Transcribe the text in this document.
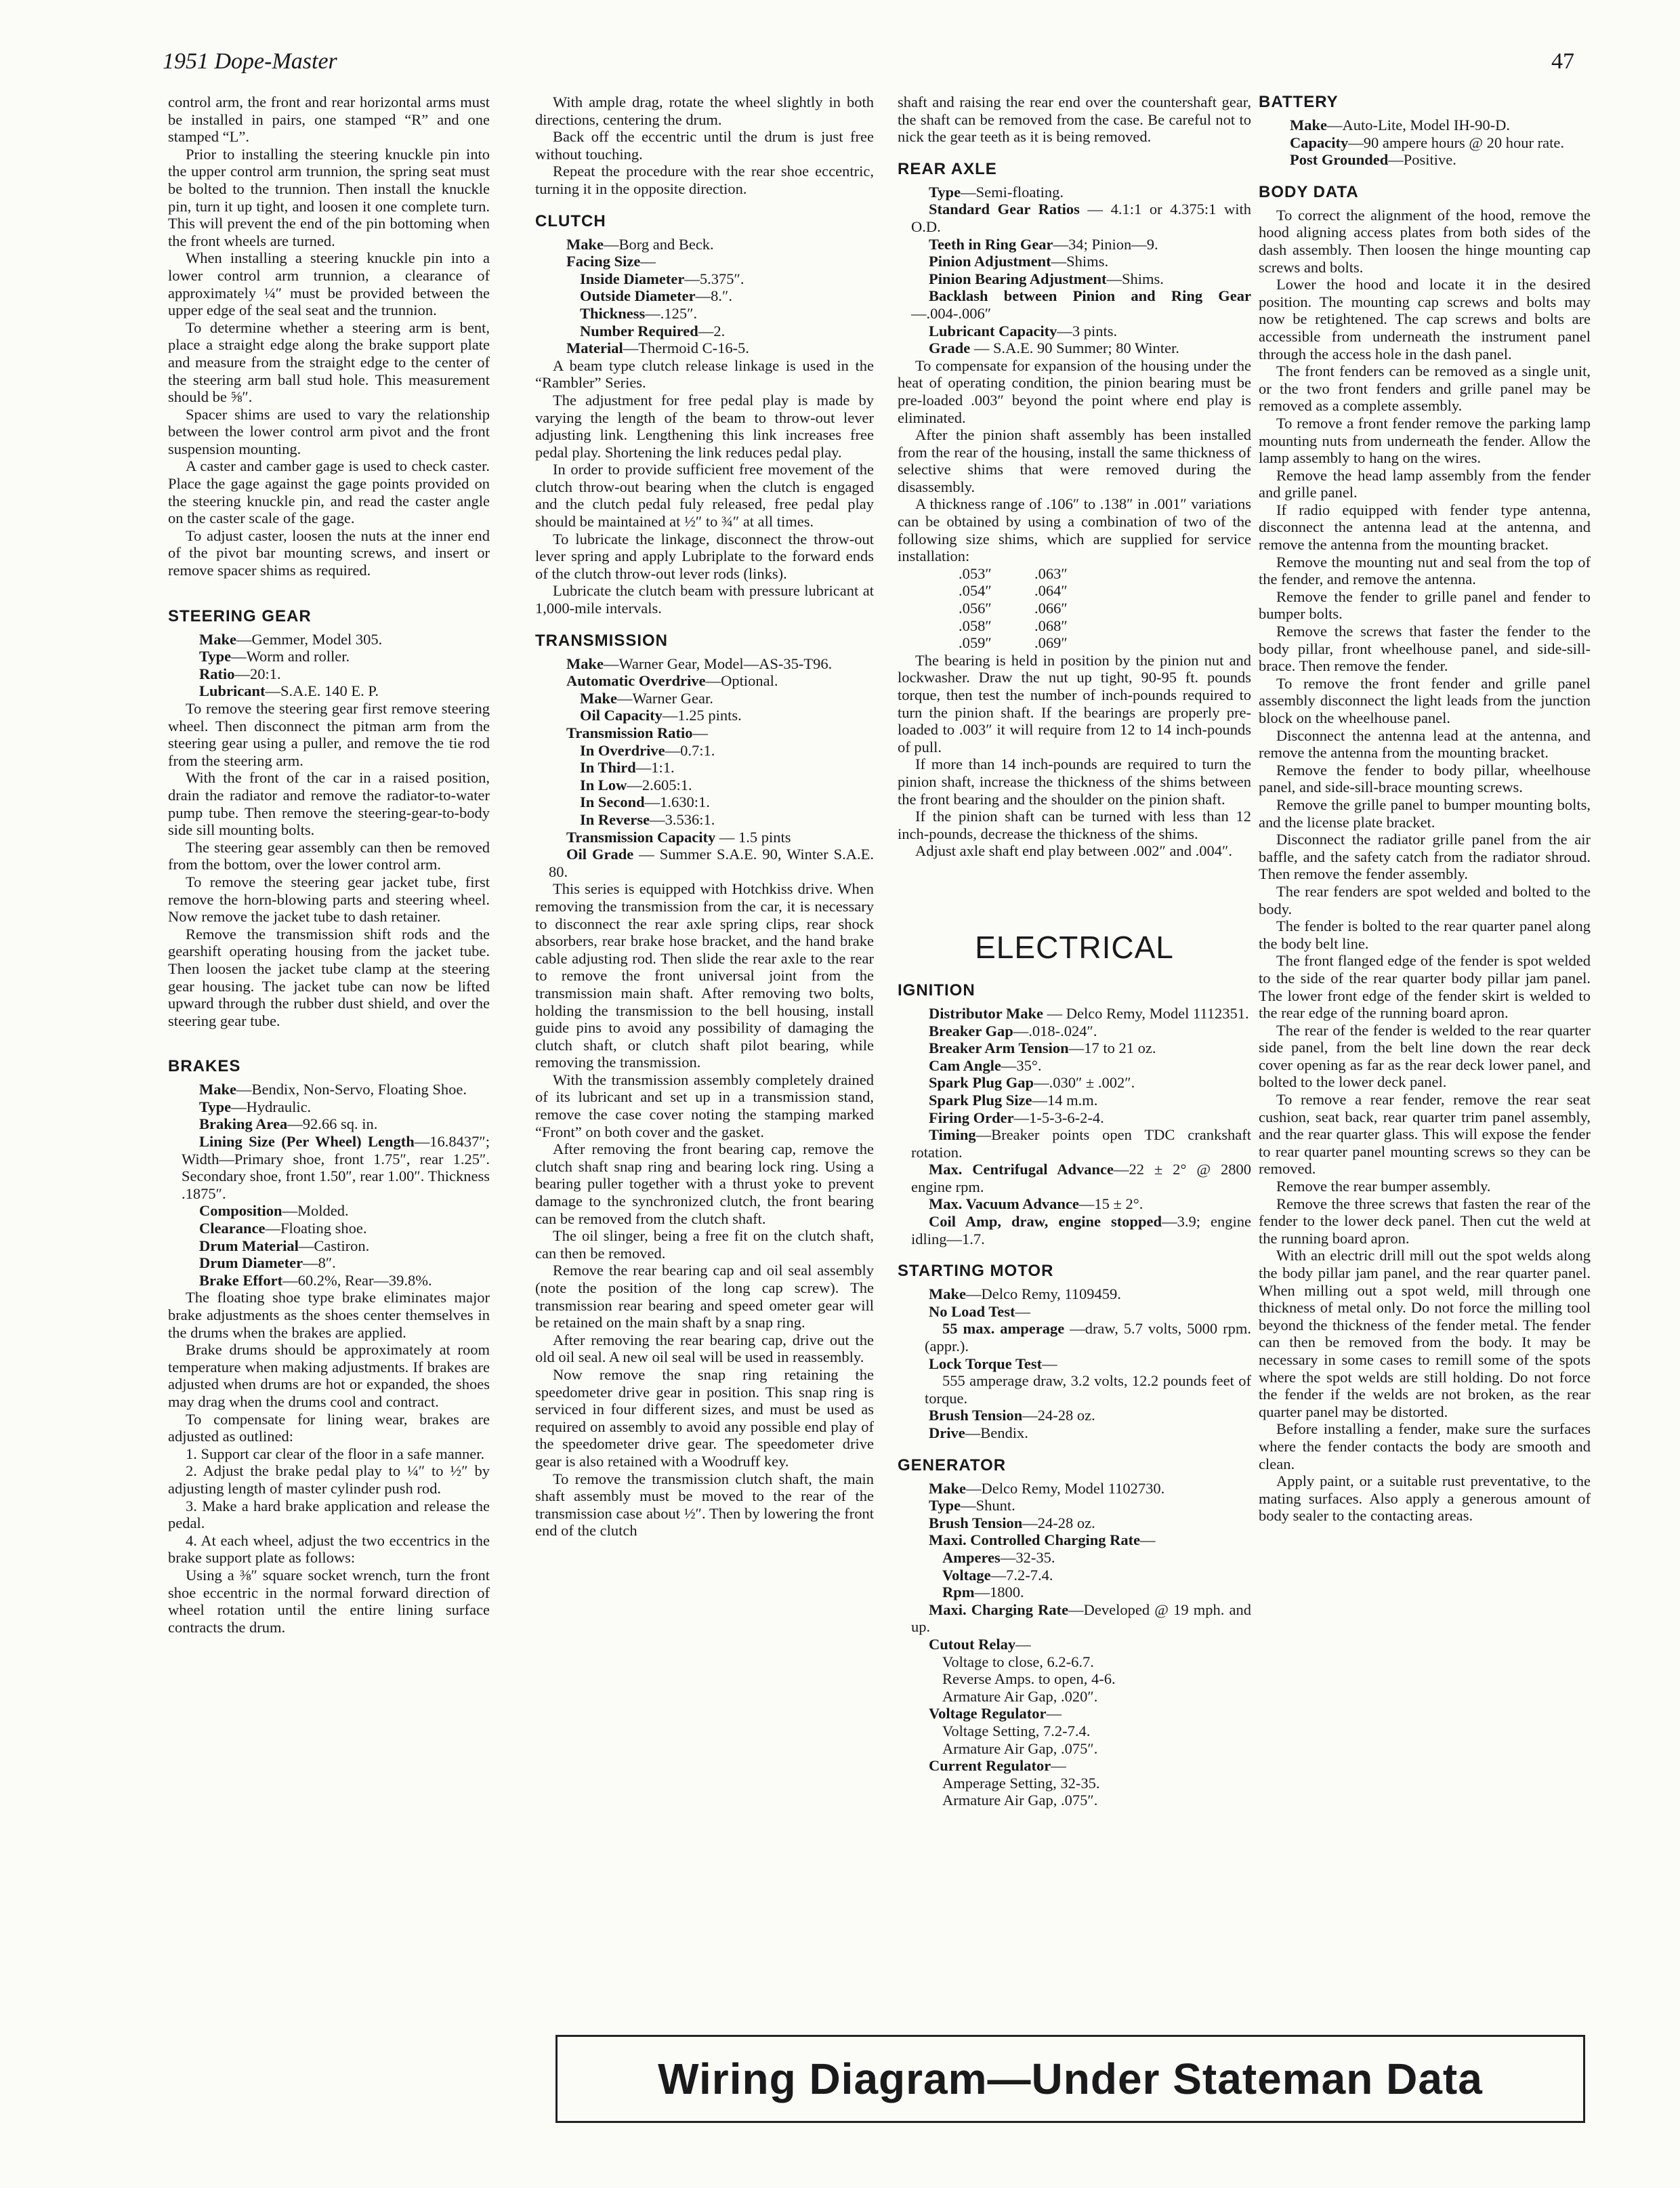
1951 Dope-Master	47

control arm, the front and rear horizontal arms must be installed in pairs, one stamped “R” and one stamped “L”.

Prior to installing the steering knuckle pin into the upper control arm trunnion, the spring seat must be bolted to the trunnion. Then install the knuckle pin, turn it up tight, and loosen it one complete turn. This will prevent the end of the pin bottoming when the front wheels are turned.

When installing a steering knuckle pin into a lower control arm trunnion, a clearance of approximately ¼″ must be provided between the upper edge of the seal seat and the trunnion.

To determine whether a steering arm is bent, place a straight edge along the brake support plate and measure from the straight edge to the center of the steering arm ball stud hole. This measurement should be ⅝″.

Spacer shims are used to vary the relationship between the lower control arm pivot and the front suspension mounting.

A caster and camber gage is used to check caster. Place the gage against the gage points provided on the steering knuckle pin, and read the caster angle on the caster scale of the gage.

To adjust caster, loosen the nuts at the inner end of the pivot bar mounting screws, and insert or remove spacer shims as required.

STEERING GEAR

Make—Gemmer, Model 305.

Type—Worm and roller.

Ratio—20:1.

Lubricant—S.A.E. 140 E. P.

To remove the steering gear first remove steering wheel. Then disconnect the pitman arm from the steering gear using a puller, and remove the tie rod from the steering arm.

With the front of the car in a raised position, drain the radiator and remove the radiator-to-water pump tube. Then remove the steering-gear-to-body side sill mounting bolts.

The steering gear assembly can then be removed from the bottom, over the lower control arm.

To remove the steering gear jacket tube, first remove the horn-blowing parts and steering wheel. Now remove the jacket tube to dash retainer.

Remove the transmission shift rods and the gearshift operating housing from the jacket tube. Then loosen the jacket tube clamp at the steering gear housing. The jacket tube can now be lifted upward through the rubber dust shield, and over the steering gear tube.

BRAKES

Make—Bendix, Non-Servo, Floating Shoe.

Type—Hydraulic.

Braking Area—92.66 sq. in.

Lining Size (Per Wheel) Length—16.8437″; Width—Primary shoe, front 1.75″, rear 1.25″. Secondary shoe, front 1.50″, rear 1.00″. Thickness .1875″.

Composition—Molded.

Clearance—Floating shoe.

Drum Material—Castiron.

Drum Diameter—8″.

Brake Effort—60.2%, Rear—39.8%.

The floating shoe type brake eliminates major brake adjustments as the shoes center themselves in the drums when the brakes are applied.

Brake drums should be approximately at room temperature when making adjustments. If brakes are adjusted when drums are hot or expanded, the shoes may drag when the drums cool and contract.

To compensate for lining wear, brakes are adjusted as outlined:

1. Support car clear of the floor in a safe manner.

2. Adjust the brake pedal play to ¼″ to ½″ by adjusting length of master cylinder push rod.

3. Make a hard brake application and release the pedal.

4. At each wheel, adjust the two eccentrics in the brake support plate as follows:

Using a ⅜″ square socket wrench, turn the front shoe eccentric in the normal forward direction of wheel rotation until the entire lining surface contracts the drum.

With ample drag, rotate the wheel slightly in both directions, centering the drum.

Back off the eccentric until the drum is just free without touching.

Repeat the procedure with the rear shoe eccentric, turning it in the opposite direction.

CLUTCH

Make—Borg and Beck.

Facing Size—

Inside Diameter—5.375″.

Outside Diameter—8.″.

Thickness—.125″.

Number Required—2.

Material—Thermoid C-16-5.

A beam type clutch release linkage is used in the “Rambler” Series.

The adjustment for free pedal play is made by varying the length of the beam to throw-out lever adjusting link. Lengthening this link increases free pedal play. Shortening the link reduces pedal play.

In order to provide sufficient free movement of the clutch throw-out bearing when the clutch is engaged and the clutch pedal fuly released, free pedal play should be maintained at ½″ to ¾″ at all times.

To lubricate the linkage, disconnect the throw-out lever spring and apply Lubriplate to the forward ends of the clutch throw-out lever rods (links).

Lubricate the clutch beam with pressure lubricant at 1,000-mile intervals.

TRANSMISSION

Make—Warner Gear, Model—AS-35-T96.

Automatic Overdrive—Optional.

Make—Warner Gear.

Oil Capacity—1.25 pints.

Transmission Ratio—

In Overdrive—0.7:1.

In Third—1:1.

In Low—2.605:1.

In Second—1.630:1.

In Reverse—3.536:1.

Transmission Capacity — 1.5 pints

Oil Grade — Summer S.A.E. 90, Winter S.A.E. 80.

This series is equipped with Hotchkiss drive. When removing the transmission from the car, it is necessary to disconnect the rear axle spring clips, rear shock absorbers, rear brake hose bracket, and the hand brake cable adjusting rod. Then slide the rear axle to the rear to remove the front universal joint from the transmission main shaft. After removing two bolts, holding the transmission to the bell housing, install guide pins to avoid any possibility of damaging the clutch shaft, or clutch shaft pilot bearing, while removing the transmission.

With the transmission assembly completely drained of its lubricant and set up in a transmission stand, remove the case cover noting the stamping marked “Front” on both cover and the gasket.

After removing the front bearing cap, remove the clutch shaft snap ring and bearing lock ring. Using a bearing puller together with a thrust yoke to prevent damage to the synchronized clutch, the front bearing can be removed from the clutch shaft.

The oil slinger, being a free fit on the clutch shaft, can then be removed.

Remove the rear bearing cap and oil seal assembly (note the position of the long cap screw). The transmission rear bearing and speed ometer gear will be retained on the main shaft by a snap ring.

After removing the rear bearing cap, drive out the old oil seal. A new oil seal will be used in reassembly.

Now remove the snap ring retaining the speedometer drive gear in position. This snap ring is serviced in four different sizes, and must be used as required on assembly to avoid any possible end play of the speedometer drive gear. The speedometer drive gear is also retained with a Woodruff key.

To remove the transmission clutch shaft, the main shaft assembly must be moved to the rear of the transmission case about ½″. Then by lowering the front end of the clutch

shaft and raising the rear end over the countershaft gear, the shaft can be removed from the case. Be careful not to nick the gear teeth as it is being removed.

REAR AXLE

Type—Semi-floating.

Standard Gear Ratios — 4.1:1 or 4.375:1 with O.D.

Teeth in Ring Gear—34; Pinion—9.

Pinion Adjustment—Shims.

Pinion Bearing Adjustment—Shims.

Backlash between Pinion and Ring Gear—.004-.006″

Lubricant Capacity—3 pints.

Grade — S.A.E. 90 Summer; 80 Winter.

To compensate for expansion of the housing under the heat of operating condition, the pinion bearing must be pre-loaded .003″ beyond the point where end play is eliminated.

After the pinion shaft assembly has been installed from the rear of the housing, install the same thickness of selective shims that were removed during the disassembly.

A thickness range of .106″ to .138″ in .001″ variations can be obtained by using a combination of two of the following size shims, which are supplied for service installation:

.053″	.063″
.054″	.064″
.056″	.066″
.058″	.068″
.059″	.069″

The bearing is held in position by the pinion nut and lockwasher. Draw the nut up tight, 90-95 ft. pounds torque, then test the number of inch-pounds required to turn the pinion shaft. If the bearings are properly pre-loaded to .003″ it will require from 12 to 14 inch-pounds of pull.

If more than 14 inch-pounds are required to turn the pinion shaft, increase the thickness of the shims between the front bearing and the shoulder on the pinion shaft.

If the pinion shaft can be turned with less than 12 inch-pounds, decrease the thickness of the shims.

Adjust axle shaft end play between .002″ and .004″.

ELECTRICAL
IGNITION

Distributor Make — Delco Remy, Model 1112351.

Breaker Gap—.018-.024″.

Breaker Arm Tension—17 to 21 oz.

Cam Angle—35°.

Spark Plug Gap—.030″ ± .002″.

Spark Plug Size—14 m.m.

Firing Order—1-5-3-6-2-4.

Timing—Breaker points open TDC crankshaft rotation.

Max. Centrifugal Advance—22 ± 2° @ 2800 engine rpm.

Max. Vacuum Advance—15 ± 2°.

Coil Amp, draw, engine stopped—3.9; engine idling—1.7.

STARTING MOTOR

Make—Delco Remy, 1109459.

No Load Test—

55 max. amperage —draw, 5.7 volts, 5000 rpm. (appr.).

Lock Torque Test—

555 amperage draw, 3.2 volts, 12.2 pounds feet of torque.

Brush Tension—24-28 oz.

Drive—Bendix.

GENERATOR

Make—Delco Remy, Model 1102730.

Type—Shunt.

Brush Tension—24-28 oz.

Maxi. Controlled Charging Rate—

Amperes—32-35.

Voltage—7.2-7.4.

Rpm—1800.

Maxi. Charging Rate—Developed @ 19 mph. and up.

Cutout Relay—

Voltage to close, 6.2-6.7.

Reverse Amps. to open, 4-6.

Armature Air Gap, .020″.

Voltage Regulator—

Voltage Setting, 7.2-7.4.

Armature Air Gap, .075″.

Current Regulator—

Amperage Setting, 32-35.

Armature Air Gap, .075″.

BATTERY

Make—Auto-Lite, Model IH-90-D.

Capacity—90 ampere hours @ 20 hour rate.

Post Grounded—Positive.

BODY DATA

To correct the alignment of the hood, remove the hood aligning access plates from both sides of the dash assembly. Then loosen the hinge mounting cap screws and bolts.

Lower the hood and locate it in the desired position. The mounting cap screws and bolts may now be retightened. The cap screws and bolts are accessible from underneath the instrument panel through the access hole in the dash panel.

The front fenders can be removed as a single unit, or the two front fenders and grille panel may be removed as a complete assembly.

To remove a front fender remove the parking lamp mounting nuts from underneath the fender. Allow the lamp assembly to hang on the wires.

Remove the head lamp assembly from the fender and grille panel.

If radio equipped with fender type antenna, disconnect the antenna lead at the antenna, and remove the antenna from the mounting bracket.

Remove the mounting nut and seal from the top of the fender, and remove the antenna.

Remove the fender to grille panel and fender to bumper bolts.

Remove the screws that faster the fender to the body pillar, front wheelhouse panel, and side-sill-brace. Then remove the fender.

To remove the front fender and grille panel assembly disconnect the light leads from the junction block on the wheelhouse panel.

Disconnect the antenna lead at the antenna, and remove the antenna from the mounting bracket.

Remove the fender to body pillar, wheelhouse panel, and side-sill-brace mounting screws.

Remove the grille panel to bumper mounting bolts, and the license plate bracket.

Disconnect the radiator grille panel from the air baffle, and the safety catch from the radiator shroud. Then remove the fender assembly.

The rear fenders are spot welded and bolted to the body.

The fender is bolted to the rear quarter panel along the body belt line.

The front flanged edge of the fender is spot welded to the side of the rear quarter body pillar jam panel. The lower front edge of the fender skirt is welded to the rear edge of the running board apron.

The rear of the fender is welded to the rear quarter side panel, from the belt line down the rear deck cover opening as far as the rear deck lower panel, and bolted to the lower deck panel.

To remove a rear fender, remove the rear seat cushion, seat back, rear quarter trim panel assembly, and the rear quarter glass. This will expose the fender to rear quarter panel mounting screws so they can be removed.

Remove the rear bumper assembly.

Remove the three screws that fasten the rear of the fender to the lower deck panel. Then cut the weld at the running board apron.

With an electric drill mill out the spot welds along the body pillar jam panel, and the rear quarter panel. When milling out a spot weld, mill through one thickness of metal only. Do not force the milling tool beyond the thickness of the fender metal. The fender can then be removed from the body. It may be necessary in some cases to remill some of the spots where the spot welds are still holding. Do not force the fender if the welds are not broken, as the rear quarter panel may be distorted.

Before installing a fender, make sure the surfaces where the fender contacts the body are smooth and clean.

Apply paint, or a suitable rust preventative, to the mating surfaces. Also apply a generous amount of body sealer to the contacting areas.

Wiring Diagram—Under Stateman Data
